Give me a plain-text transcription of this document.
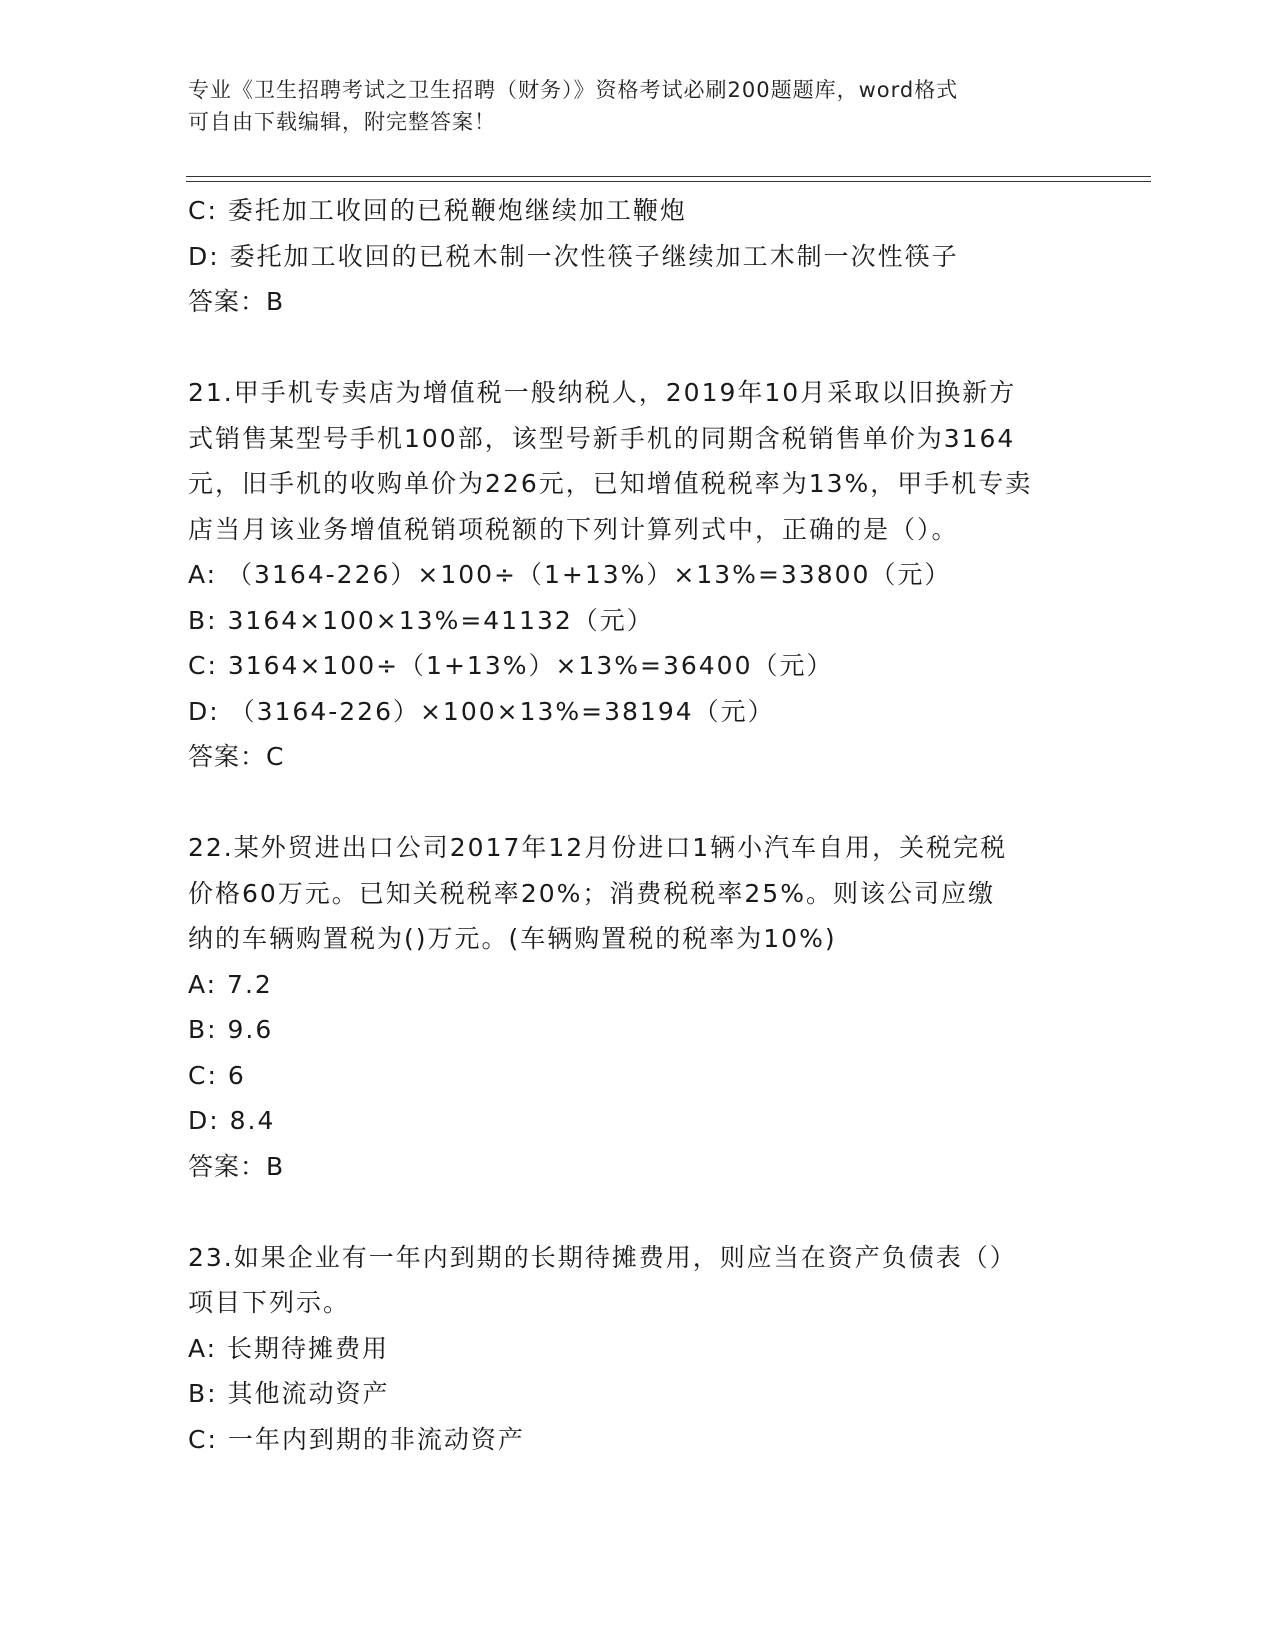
专业《卫生招聘考试之卫生招聘（财务）》资格考试必刷200题题库，word格式

可自由下载编辑，附完整答案！

C: 委托加工收回的已税鞭炮继续加工鞭炮
D: 委托加工收回的已税木制一次性筷子继续加工木制一次性筷子
答案：B
21.甲手机专卖店为增值税一般纳税人，2019年10月采取以旧换新方
式销售某型号手机100部，该型号新手机的同期含税销售单价为3164
元，旧手机的收购单价为226元，已知增值税税率为13%，甲手机专卖
店当月该业务增值税销项税额的下列计算列式中，正确的是（）。
A: （3164-226）×100÷（1+13%）×13%=33800（元）
B: 3164×100×13%=41132（元）
C: 3164×100÷（1+13%）×13%=36400（元）
D: （3164-226）×100×13%=38194（元）
答案：C
22.某外贸进出口公司2017年12月份进口1辆小汽车自用，关税完税
价格60万元。已知关税税率20%；消费税税率25%。则该公司应缴
纳的车辆购置税为()万元。(车辆购置税的税率为10%)
A: 7.2
B: 9.6
C: 6
D: 8.4
答案：B
23.如果企业有一年内到期的长期待摊费用，则应当在资产负债表（）
项目下列示。
A: 长期待摊费用
B: 其他流动资产
C: 一年内到期的非流动资产
